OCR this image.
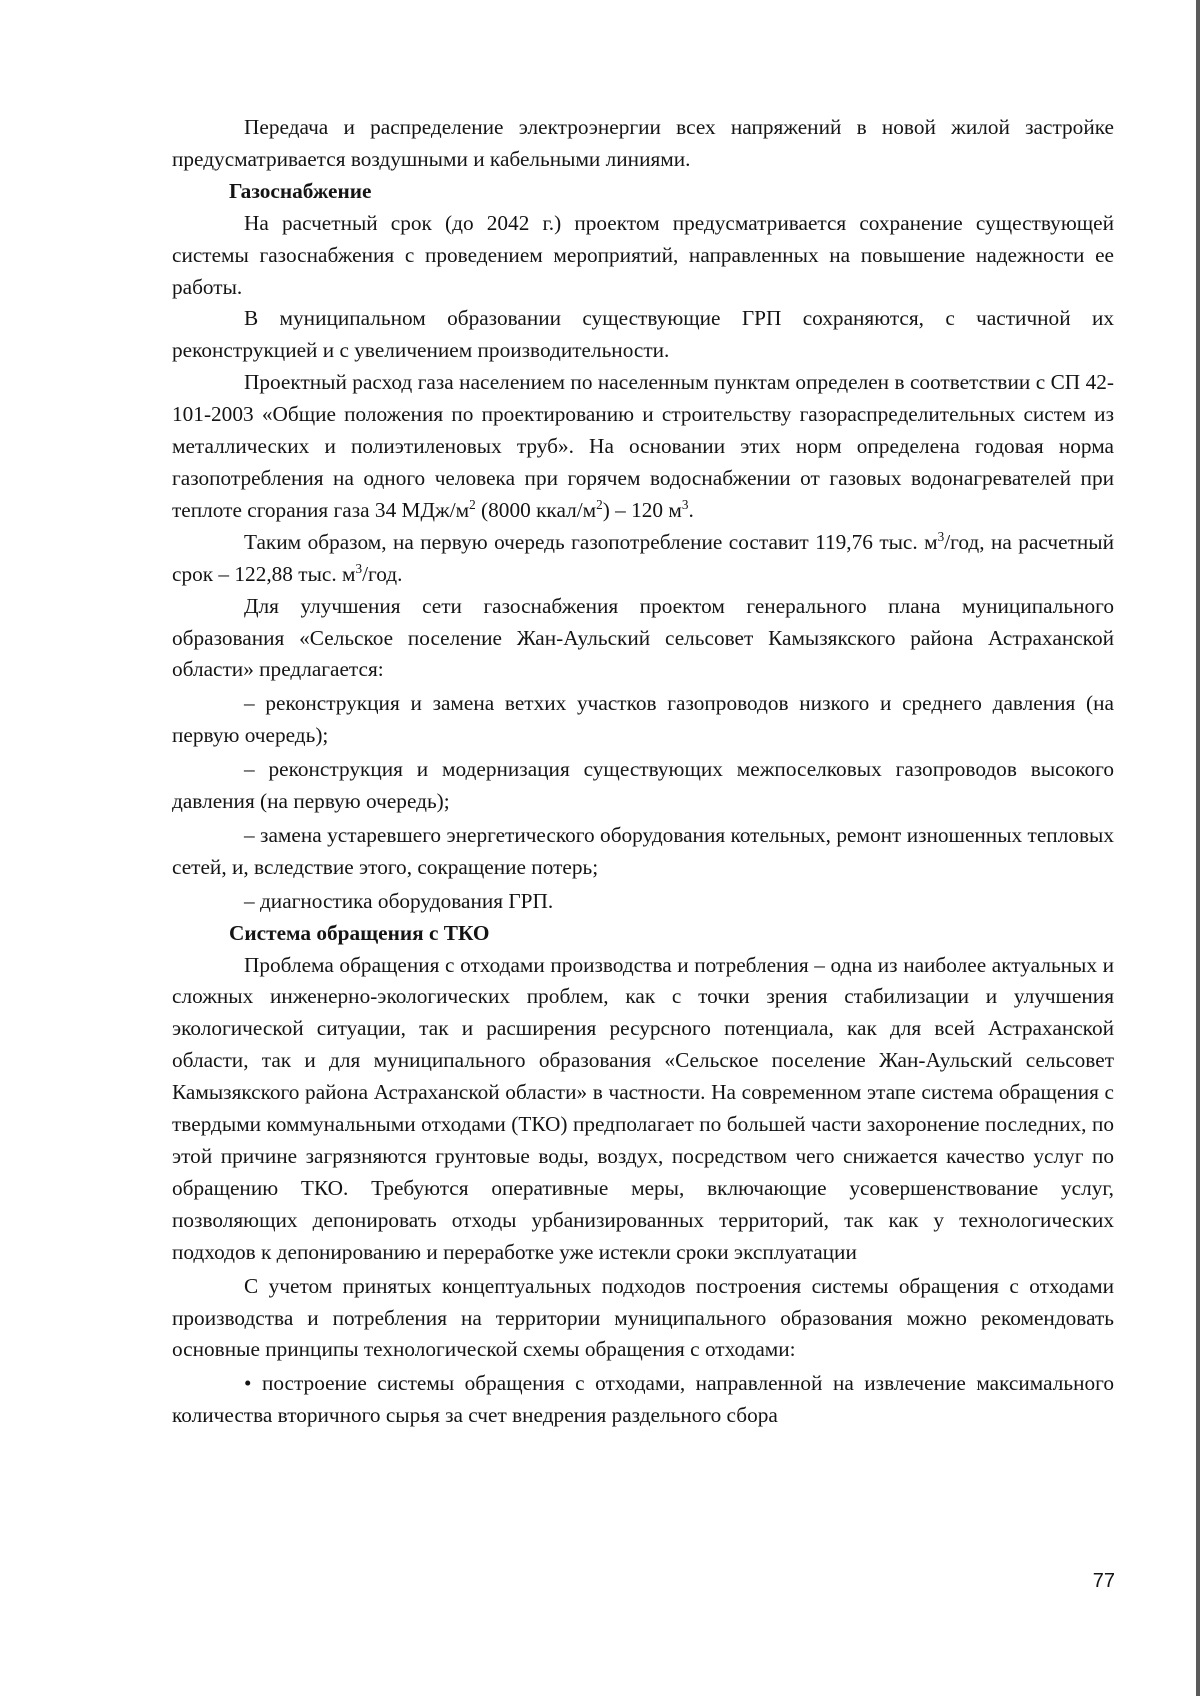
Передача и распределение электроэнергии всех напряжений в новой жилой застройке предусматривается воздушными и кабельными линиями.

Газоснабжение

На расчетный срок (до 2042 г.) проектом предусматривается сохранение существующей системы газоснабжения с проведением мероприятий, направленных на повышение надежности ее работы.

В муниципальном образовании существующие ГРП сохраняются, с частичной их реконструкцией и с увеличением производительности.

Проектный расход газа населением по населенным пунктам определен в соответствии с СП 42-101-2003 «Общие положения по проектированию и строительству газораспределительных систем из металлических и полиэтиленовых труб». На основании этих норм определена годовая норма газопотребления на одного человека при горячем водоснабжении от газовых водонагревателей при теплоте сгорания газа 34 МДж/$м^2$ (8000 ккал/$м^2) - 120$ $м^3$.

Таким образом, на первую очередь газопотребление составит 119,76 тыс. $м^3$/год, на расчетный срок – 122,88 тыс. $м^3$/год.

Для улучшения сети газоснабжения проектом генерального плана муниципального образования «Сельское поселение Жан-Аульский сельсовет Камызякского района Астраханской области» предлагается:

– реконструкция и замена ветхих участков газопроводов низкого и среднего давления (на первую очередь);

– реконструкция и модернизация существующих межпоселковых газопроводов высокого давления (на первую очередь);

– замена устаревшего энергетического оборудования котельных, ремонт изношенных тепловых сетей, и, вследствие этого, сокращение потерь;

– диагностика оборудования ГРП.

Система обращения с ТКО

Проблема обращения с отходами производства и потребления – одна из наиболее актуальных и сложных инженерно-экологических проблем, как с точки зрения стабилизации и улучшения экологической ситуации, так и расширения ресурсного потенциала, как для всей Астраханской области, так и для муниципального образования «Сельское поселение Жан-Аульский сельсовет Камызякского района Астраханской области» в частности. На современном этапе система обращения с твердыми коммунальными отходами (ТКО) предполагает по большей части захоронение последних, по этой причине загрязняются грунтовые воды, воздух, посредством чего снижается качество услуг по обращению ТКО. Требуются оперативные меры, включающие усовершенствование услуг, позволяющих депонировать отходы урбанизированных территорий, так как у технологических подходов к депонированию и переработке уже истекли сроки эксплуатации

С учетом принятых концептуальных подходов построения системы обращения с отходами производства и потребления на территории муниципального образования можно рекомендовать основные принципы технологической схемы обращения с отходами:

• построение системы обращения с отходами, направленной на извлечение максимального количества вторичного сырья за счет внедрения раздельного сбора

77
